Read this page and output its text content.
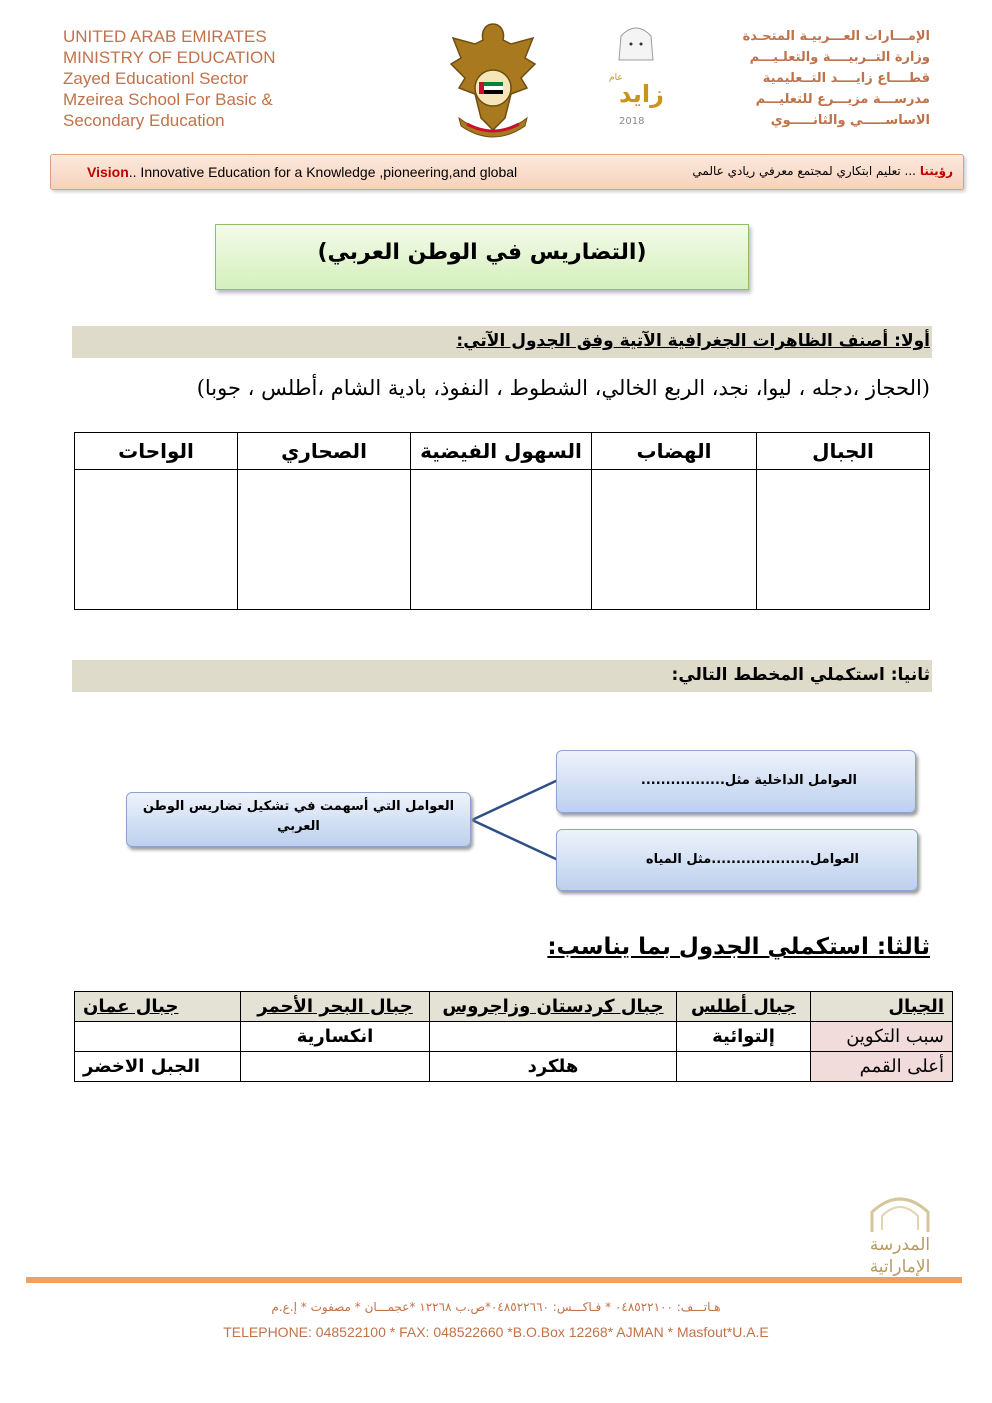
UNITED ARAB EMIRATES
MINISTRY OF EDUCATION
Zayed Educationl Sector
Mzeirea School For Basic &
Secondary Education
عام
زايد
2018
الإمـــارات العـــربيـة المتحـدة
وزارة التــربيــــة والتعلـيـــم
قطــــاع زايــــد التــعليمية
مدرســـة مزيـــرع للتعليـــم
الاساســـــي والثانـــــوي
Vision.. Innovative Education for a Knowledge ,pioneering,and global	رؤيتنا ... تعليم ابتكاري لمجتمع معرفي ريادي عالمي
(التضاريس في الوطن العربي)
أولا: أصنف الظاهرات الجغرافية الآتية وفق الجدول الآتي:
(الحجاز ،دجله ، ليوا، نجد، الربع الخالي، الشطوط ، النفوذ، بادية الشام ،أطلس ، جوبا)
الجبال	الهضاب	السهول الفيضية	الصحاري	الواحات

ثانيا: استكملي المخطط التالي:
العوامل التي أسهمت في تشكيل تضاريس الوطن العربي
العوامل الداخلية مثل.................
العوامل....................مثل المياه
ثالثا: استكملي الجدول بما يناسب:
الجبال	جبال أطلس	جبال كردستان وزاجروس	جبال البحر الأحمر	جبال عمان
سبب التكوين	إلتوائية		انكسارية	
أعلى القمم		هلكرد		الجبل الاخضر
المدرسة
الإماراتية
هـاتـــف: ٠٤٨٥٢٢١٠٠ * فـاكـــس: ٠٤٨٥٢٢٦٦٠*ص.ب ١٢٢٦٨ *عجمـــان * مصفوت * إ.ع.م
TELEPHONE: 048522100 * FAX: 048522660 *B.O.Box 12268* AJMAN * Masfout*U.A.E
